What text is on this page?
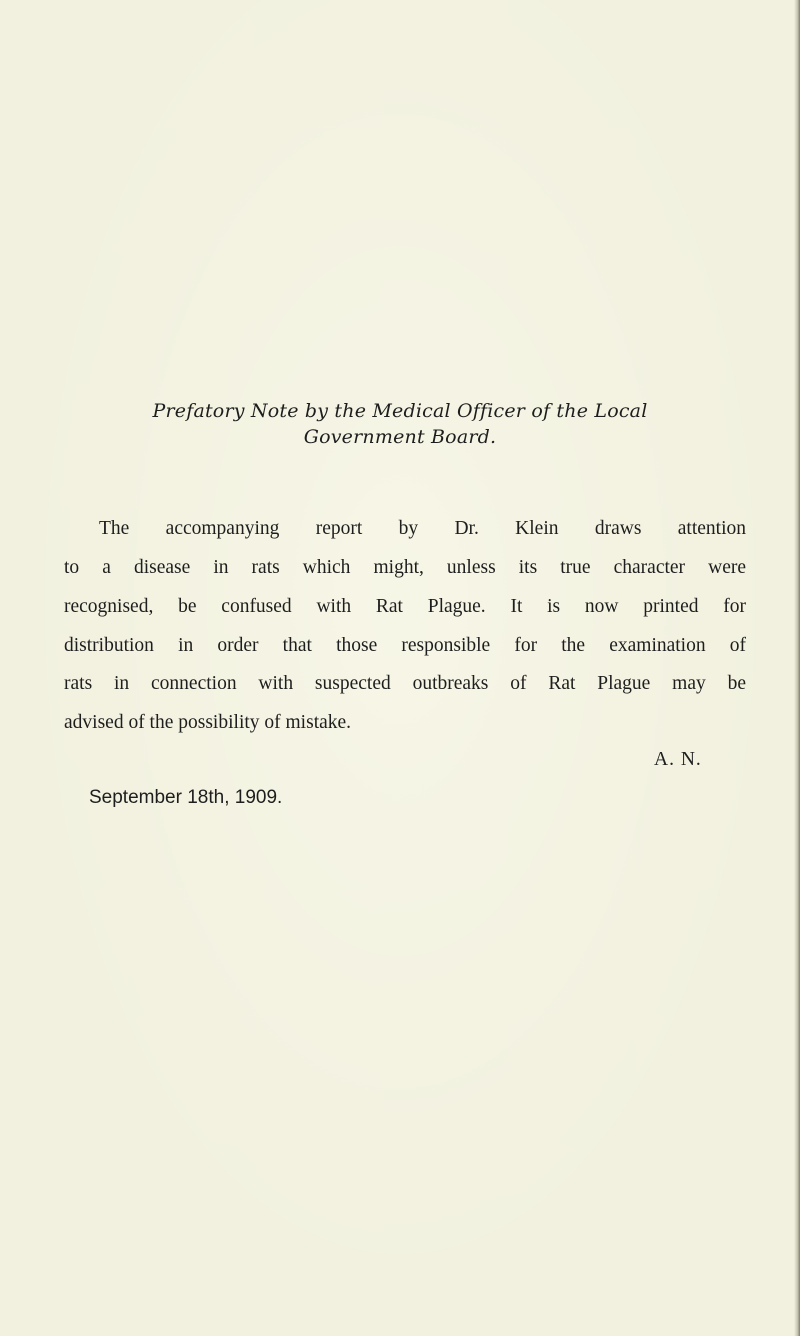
Prefatory Note by the Medical Officer of the Local
Government Board.
The accompanying report by Dr. Klein draws attention
to a disease in rats which might, unless its true character were
recognised, be confused with Rat Plague. It is now printed for
distribution in order that those responsible for the examination of
rats in connection with suspected outbreaks of Rat Plague may be
advised of the possibility of mistake.
A. N.
September 18th, 1909.
